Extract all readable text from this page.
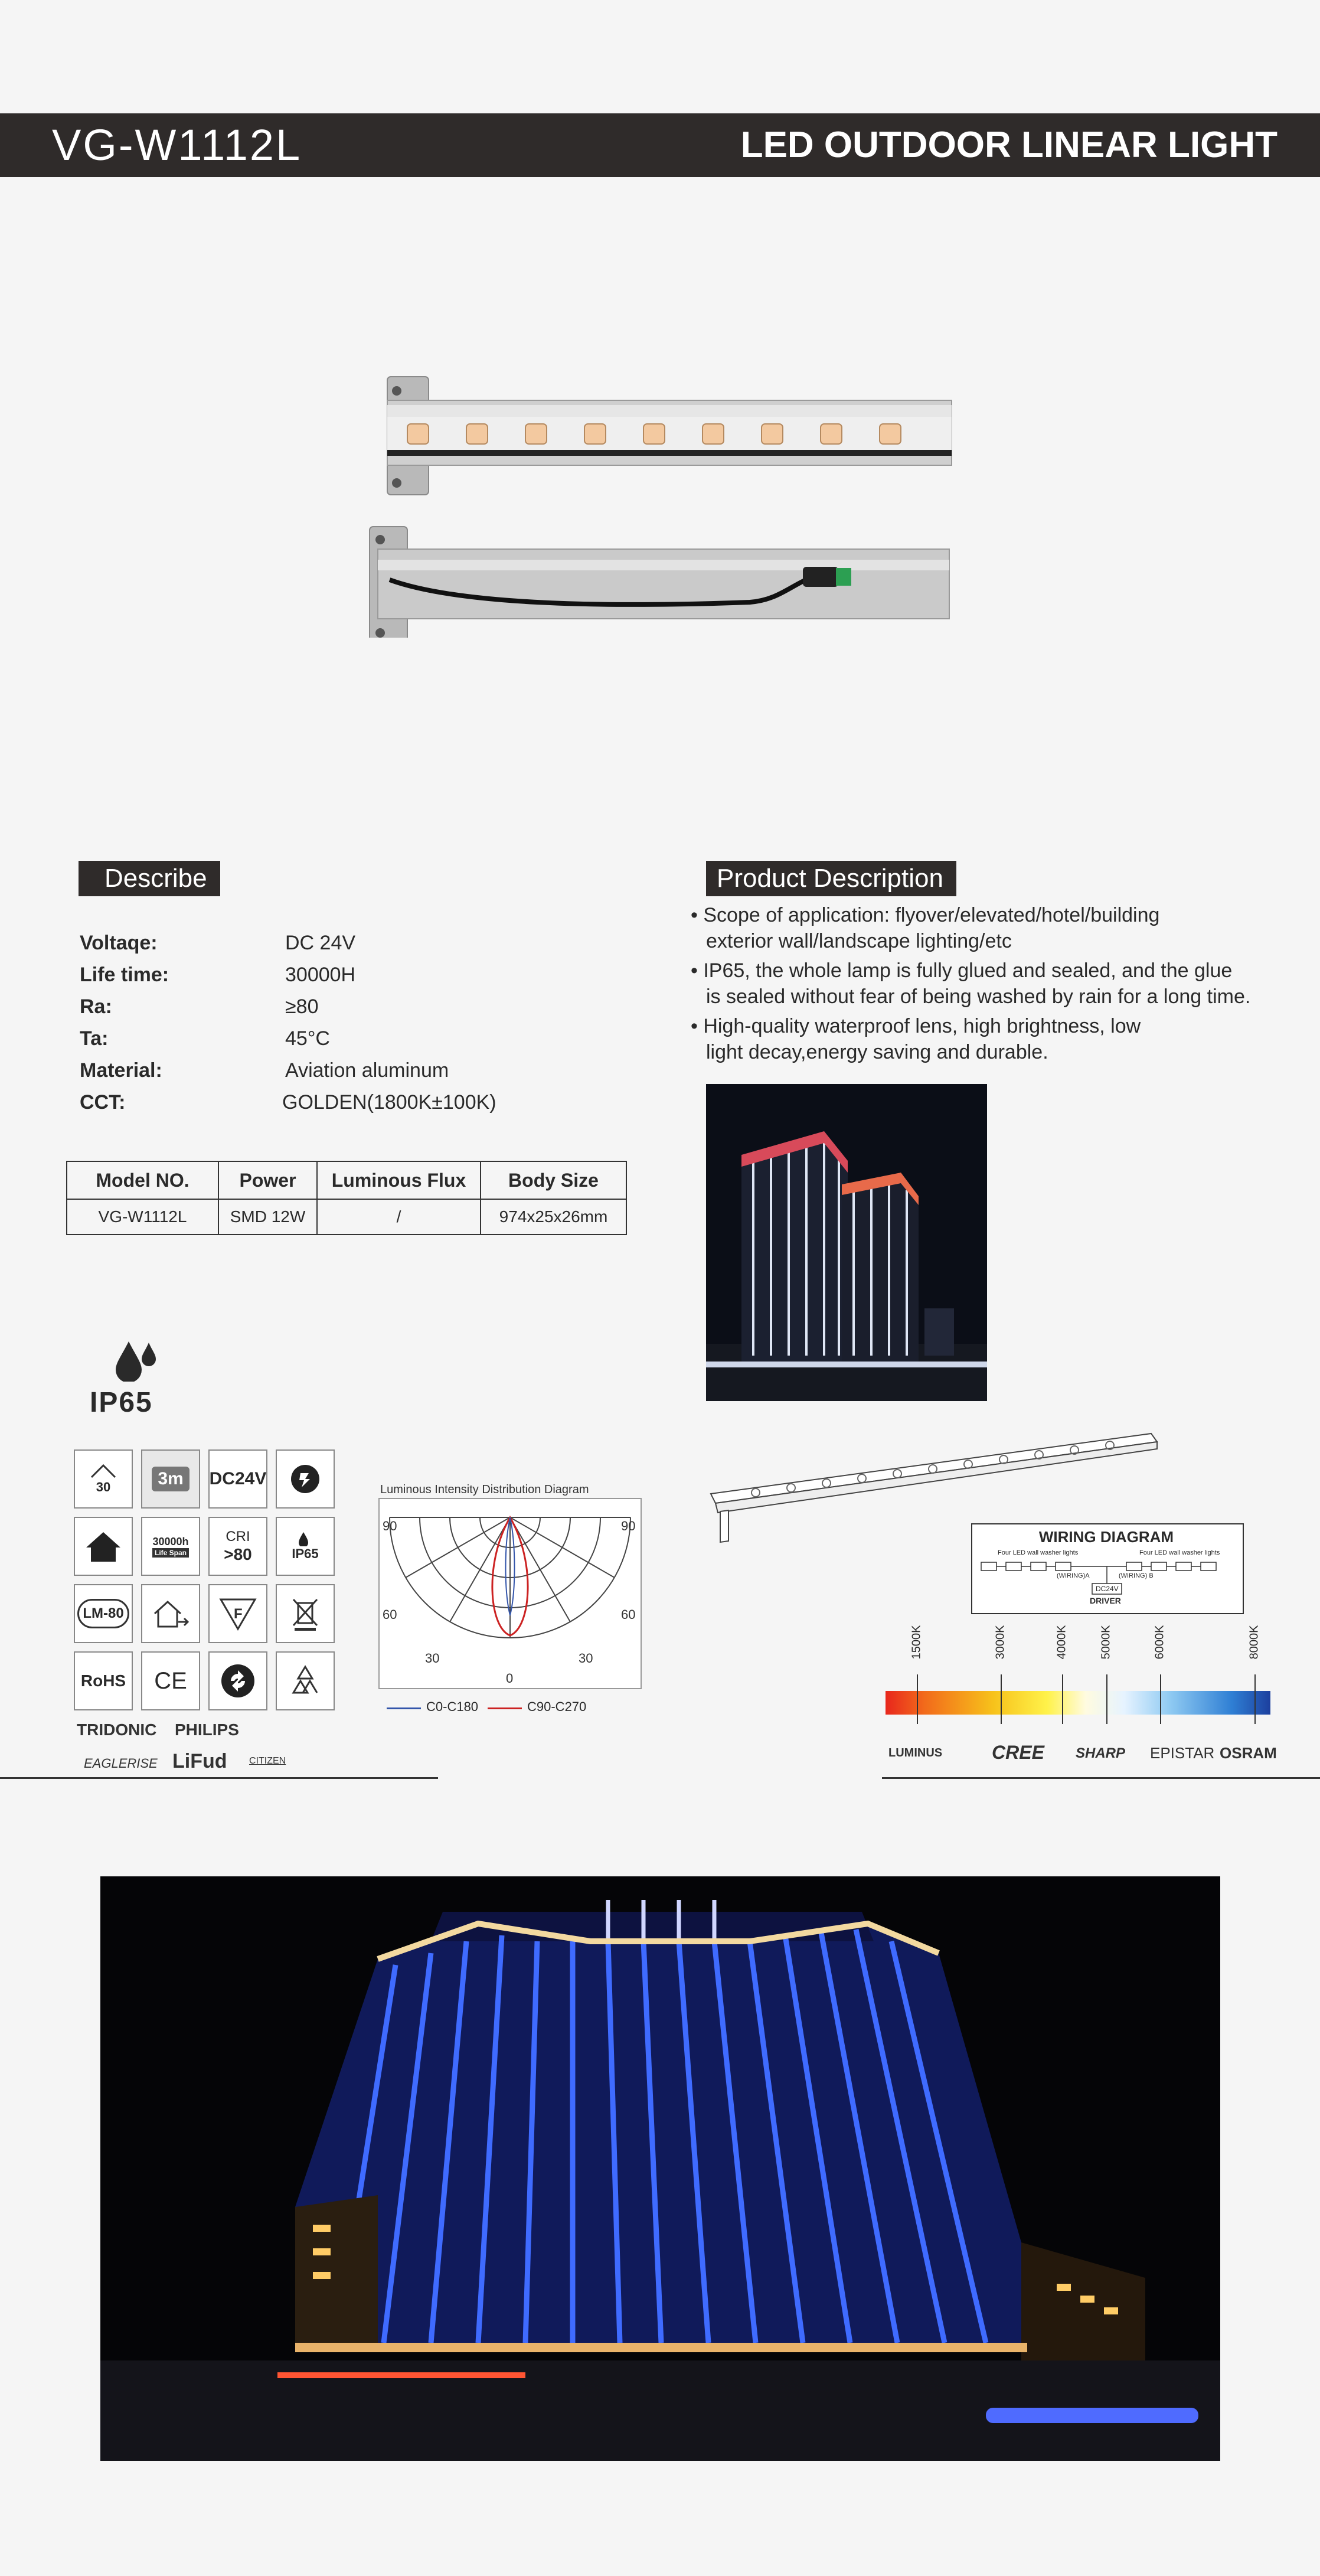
VG-W1112L	LED OUTDOOR LINEAR LIGHT
Describe
Voltaqe:	DC 24V
Life time:	30000H
Ra:	≥80
Ta:	45°C
Material:	Aviation aluminum
CCT:	GOLDEN(1800K±100K)
Model NO.	Power	Luminous Flux	Body Size
VG-W1112L	SMD 12W	/	974x25x26mm
Product Description
• Scope of application: flyover/elevated/hotel/building
exterior wall/landscape lighting/etc
• IP65, the whole lamp is fully glued and sealed, and the glue
is sealed without fear of being washed by rain for a long time.
• High-quality waterproof lens, high brightness, low
light decay,energy saving and durable.
IP65
30	3m	DC24V
30000h
Life Span
CRI
>80	IP65
LM-80	F
RoHS CE
TRIDONIC PHILIPS
EAGLERISE LiFud CITIZEN
Luminous Intensity Distribution Diagram
90	90
60	60
30	30
0
C0-C180	C90-C270
WIRING DIAGRAM
Four LED wall washer lights	Four LED wall washer lights
(WIRING)A	(WIRING) B
DC24V
DRIVER
1500K	3000K	4000K	5000K	6000K	8000K
LUMINUS	CREE SHARP EPISTAR OSRAM
